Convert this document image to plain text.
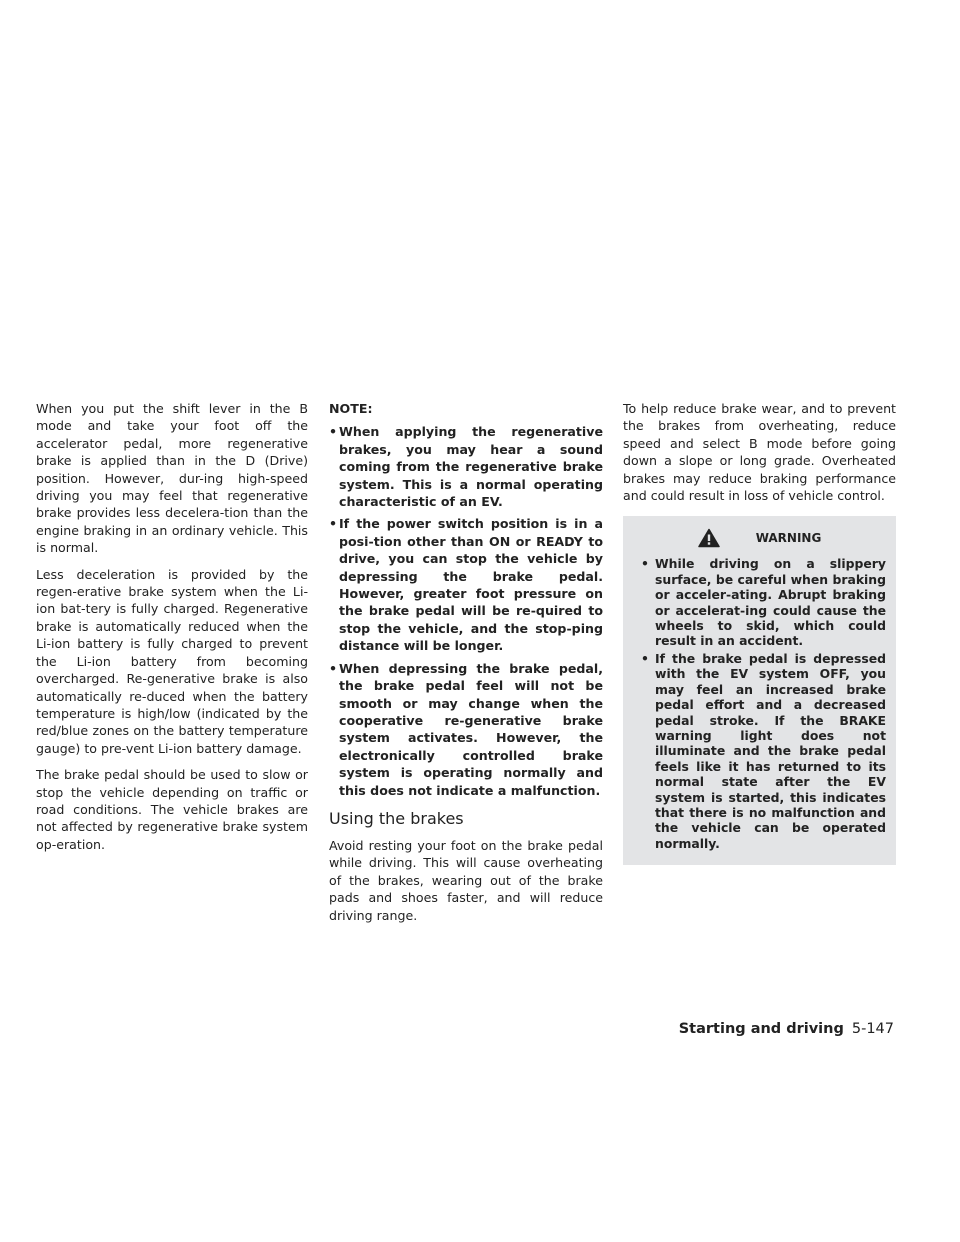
When you put the shift lever in the B mode and take your foot off the accelerator pedal, more regenerative brake is applied than in the D (Drive) position. However, dur-ing high-speed driving you may feel that regenerative brake provides less decelera-tion than the engine braking in an ordinary vehicle. This is normal.

Less deceleration is provided by the regen-erative brake system when the Li-ion bat-tery is fully charged. Regenerative brake is automatically reduced when the Li-ion battery is fully charged to prevent the Li-ion battery from becoming overcharged. Re-generative brake is also automatically re-duced when the battery temperature is high/low (indicated by the red/blue zones on the battery temperature gauge) to pre-vent Li-ion battery damage.

The brake pedal should be used to slow or stop the vehicle depending on traffic or road conditions. The vehicle brakes are not affected by regenerative brake system op-eration.

NOTE:
• When applying the regenerative brakes, you may hear a sound coming from the regenerative brake system. This is a normal operating characteristic of an EV.
• If the power switch position is in a posi-tion other than ON or READY to drive, you can stop the vehicle by depressing the brake pedal. However, greater foot pressure on the brake pedal will be re-quired to stop the vehicle, and the stop-ping distance will be longer.
• When depressing the brake pedal, the brake pedal feel will not be smooth or may change when the cooperative re-generative brake system activates. However, the electronically controlled brake system is operating normally and this does not indicate a malfunction.
Using the brakes

Avoid resting your foot on the brake pedal while driving. This will cause overheating of the brakes, wearing out of the brake pads and shoes faster, and will reduce driving range.

To help reduce brake wear, and to prevent the brakes from overheating, reduce speed and select B mode before going down a slope or long grade. Overheated brakes may reduce braking performance and could result in loss of vehicle control.

WARNING
• While driving on a slippery surface, be careful when braking or acceler-ating. Abrupt braking or accelerat-ing could cause the wheels to skid, which could result in an accident.
• If the brake pedal is depressed with the EV system OFF, you may feel an increased brake pedal effort and a decreased pedal stroke. If the BRAKE warning light does not illuminate and the brake pedal feels like it has returned to its normal state after the EV system is started, this indicates that there is no malfunction and the vehicle can be operated normally.
Starting and driving 5-147
